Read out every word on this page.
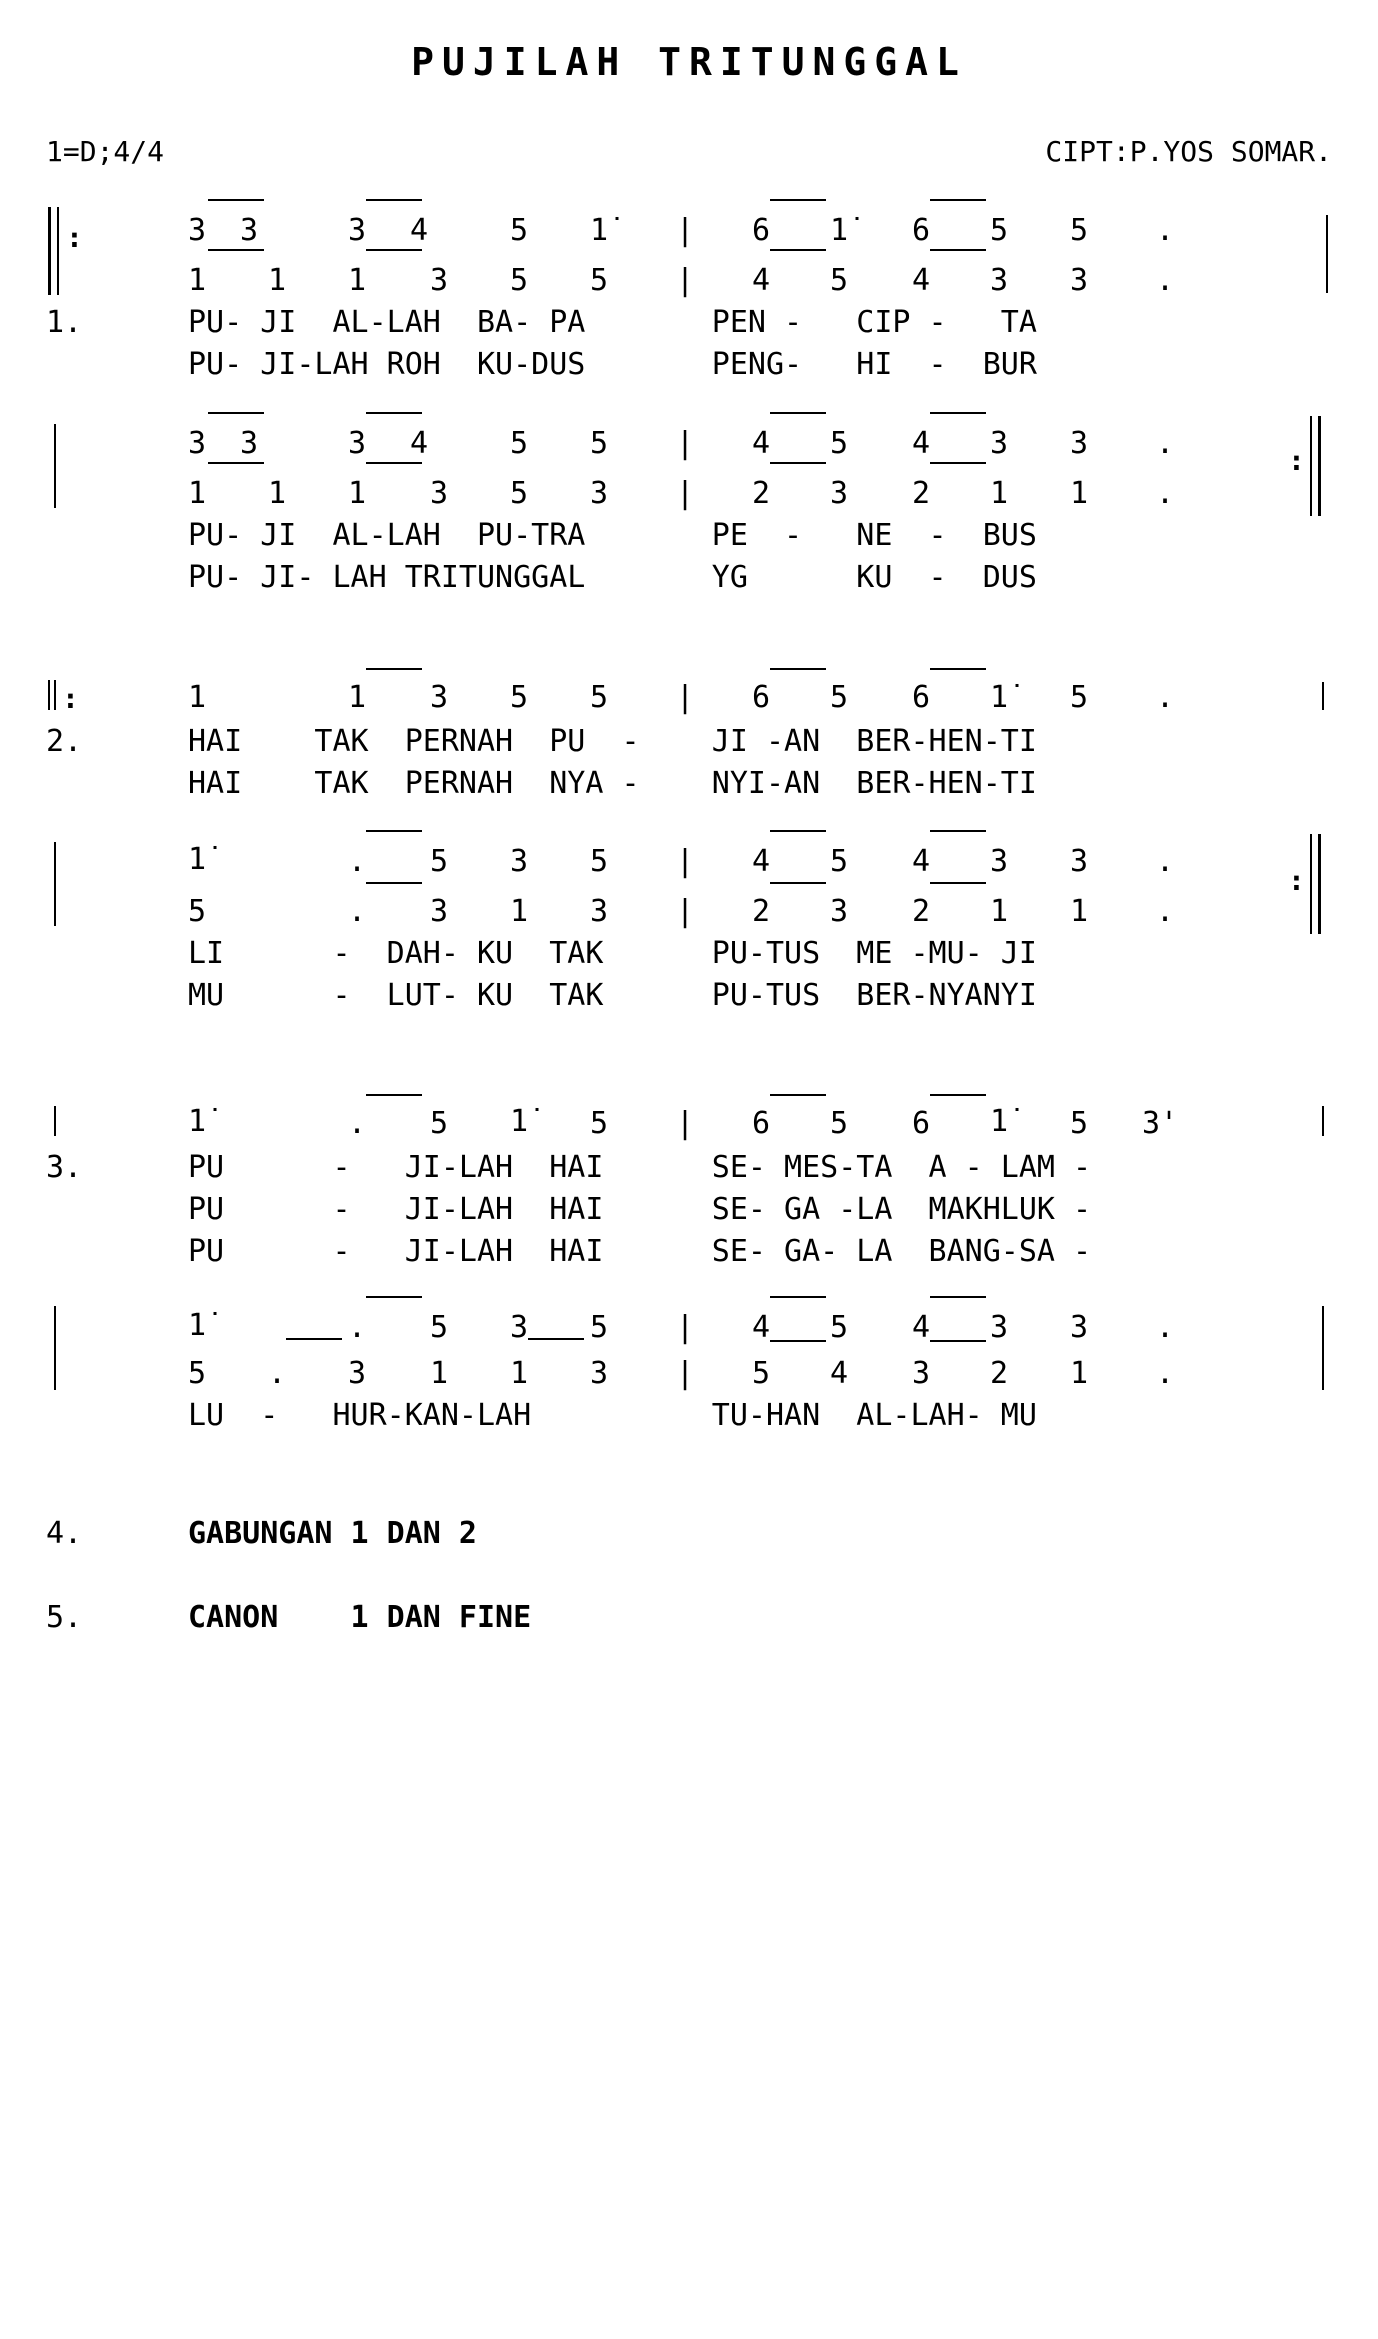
PUJILAH TRITUNGGAL
1=D;4/4	CIPT:P.YOS SOMAR.
:	3 3	3 4	5 1̇ | 6 1̇ 6 5 5 .
1 1 1 3 5 5 | 4 5 4 3 3 .
1.	PU- JI  AL-LAH  BA- PA       PEN -   CIP -   TA
PU- JI-LAH ROH  KU-DUS       PENG-   HI  -  BUR
:
3 3	3 4	5 5 | 4 5 4 3 3 .
1 1 1 3 5 3 | 2 3 2 1 1 .
PU- JI  AL-LAH  PU-TRA       PE  -   NE  -  BUS
PU- JI- LAH TRITUNGGAL       YG      KU  -  DUS
:	1	1 3 5 5 | 6 5 6 1̇ 5 .
2.	HAI    TAK  PERNAH  PU  -    JI -AN  BER-HEN-TI
HAI    TAK  PERNAH  NYA -    NYI-AN  BER-HEN-TI
:
1̇	. 5 3 5 | 4 5 4 3 3 .
5	. 3 1 3 | 2 3 2 1 1 .
LI      -  DAH- KU  TAK      PU-TUS  ME -MU- JI
MU      -  LUT- KU  TAK      PU-TUS  BER-NYANYI
1̇	. 5 1̇ 5 | 6 5 6 1̇ 5 3'
3.	PU      -   JI-LAH  HAI      SE- MES-TA  A - LAM -
PU      -   JI-LAH  HAI      SE- GA -LA  MAKHLUK -
PU      -   JI-LAH  HAI      SE- GA- LA  BANG-SA -
1̇	. 5 3 5 | 4 5 4 3 3 .
5 . 3 1 1 3 | 5 4 3 2 1 .
LU  -   HUR-KAN-LAH          TU-HAN  AL-LAH- MU
4.	GABUNGAN 1 DAN 2
5.	CANON    1 DAN FINE
